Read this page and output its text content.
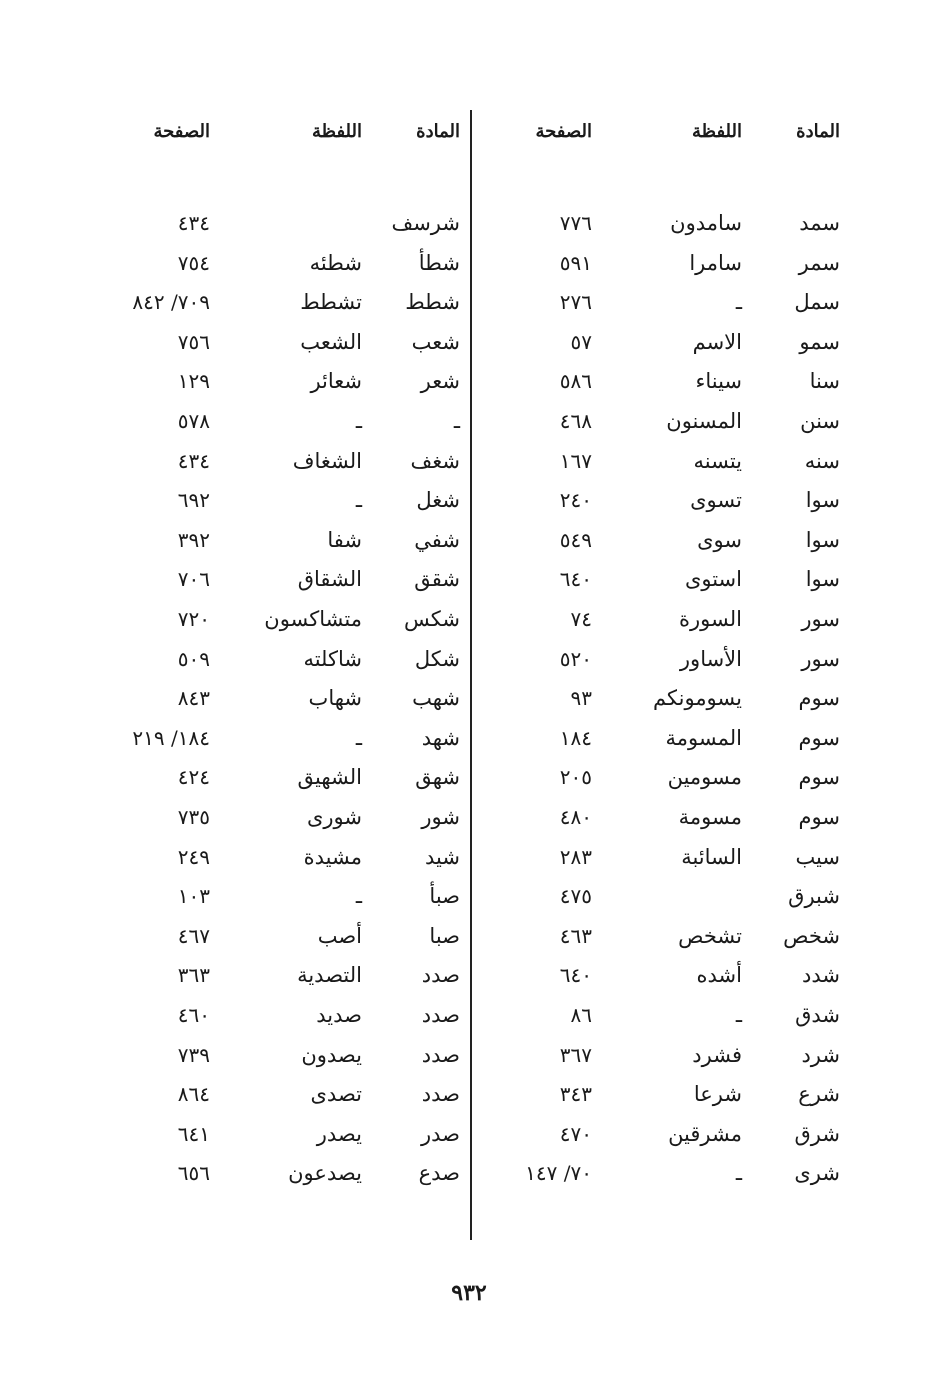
المادة
اللفظة
الصفحة
سمد
سامدون
٧٧٦
سمر
سامرا
٥٩١
سمل
ـ
٢٧٦
سمو
الاسم
٥٧
سنا
سيناء
٥٨٦
سنن
المسنون
٤٦٨
سنه
يتسنه
١٦٧
سوا
تسوى
٢٤٠
سوا
سوى
٥٤٩
سوا
استوى
٦٤٠
سور
السورة
٧٤
سور
الأساور
٥٢٠
سوم
يسومونكم
٩٣
سوم
المسومة
١٨٤
سوم
مسومين
٢٠٥
سوم
مسومة
٤٨٠
سيب
السائبة
٢٨٣
شبرق
٤٧٥
شخص
تشخص
٤٦٣
شدد
أشده
٦٤٠
شدق
ـ
٨٦
شرد
فشرد
٣٦٧
شرع
شرعا
٣٤٣
شرق
مشرقين
٤٧٠
شرى
ـ
٧٠/ ١٤٧
المادة
اللفظة
الصفحة
شرسف
٤٣٤
شطأ
شطئه
٧٥٤
شطط
تشطط
٧٠٩/ ٨٤٢
شعب
الشعب
٧٥٦
شعر
شعائر
١٢٩
ـ
ـ
٥٧٨
شغف
الشغاف
٤٣٤
شغل
ـ
٦٩٢
شفي
شفا
٣٩٢
شقق
الشقاق
٧٠٦
شكس
متشاكسون
٧٢٠
شكل
شاكلته
٥٠٩
شهب
شهاب
٨٤٣
شهد
ـ
١٨٤/ ٢١٩
شهق
الشهيق
٤٢٤
شور
شورى
٧٣٥
شيد
مشيدة
٢٤٩
صبأ
ـ
١٠٣
صبا
أصب
٤٦٧
صدد
التصدية
٣٦٣
صدد
صديد
٤٦٠
صدد
يصدون
٧٣٩
صدد
تصدى
٨٦٤
صدر
يصدر
٦٤١
صدع
يصدعون
٦٥٦
٩٣٢
